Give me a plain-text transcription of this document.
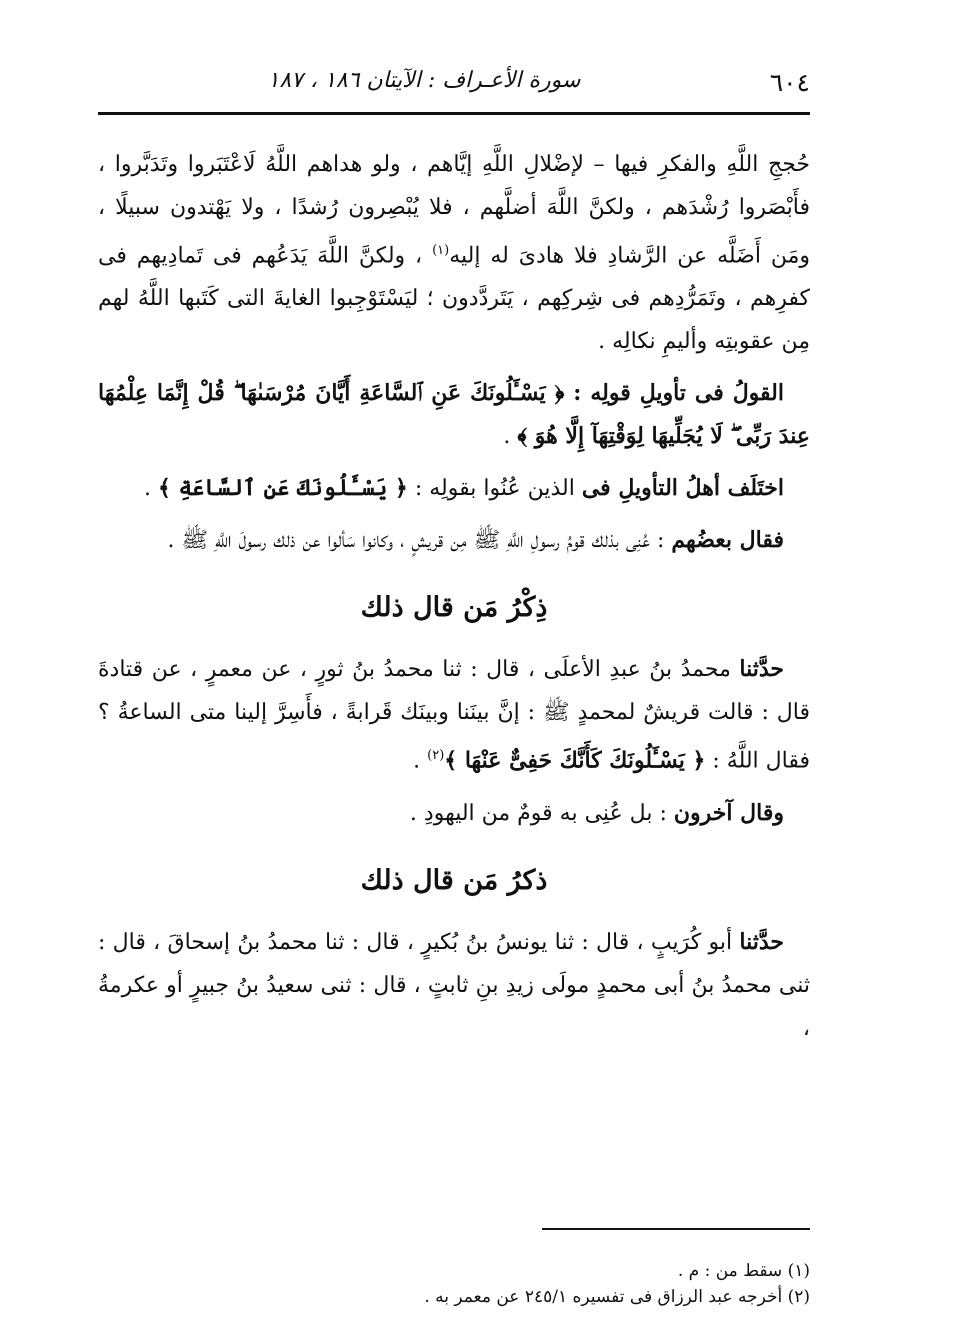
٦٠٤
سورة الأعـراف : الآيتان ١٨٦ ، ١٨٧

حُججِ اللَّهِ والفكرِ فيها – لإضْلالِ اللَّهِ إيَّاهم ، ولو هداهم اللَّهُ لَاعْتَبَروا وتَدَبَّروا ، فأَبْصَروا رُشْدَهم ، ولكنَّ اللَّهَ أضلَّهم ، فلا يُبْصِرون رُشدًا ، ولا يَهْتدون سبيلًا ، ومَن أَضَلَّه عن الرَّشادِ فلا هادىَ له إليه$^{(١)}$ ، ولكنَّ اللَّهَ يَدَعُهم فى تَمادِيهم فى كفرِهم ، وتَمَرُّدِهم فى شِركِهم ، يَتَردَّدون ؛ ليَسْتَوْجِبوا الغايةَ التى كَتَبها اللَّهُ لهم مِن عقوبتِه وأليمِ نكالِه .

القولُ فى تأويلِ قولِه : ﴿ يَسْـَٔلُونَكَ عَنِ ٱلسَّاعَةِ أَيَّانَ مُرْسَىٰهَا ۖ قُلْ إِنَّمَا عِلْمُهَا عِندَ رَبِّى ۖ لَا يُجَلِّيهَا لِوَقْتِهَآ إِلَّا هُوَ ﴾ .

اختَلَف أهلُ التأويلِ فى الذين عُنُوا بقولِه : ﴿ يَسْـَٔلُونَكَ عَنِ ٱلسَّاعَةِ ﴾ .

فقال بعضُهم : عُنِى بذلك قومُ رسولِ اللَّهِ ﷺ مِن قريشٍ ، وكانوا سَألوا عن ذلك رسولَ اللَّهِ ﷺ .

ذِكْرُ مَن قال ذلك

حدَّثنا محمدُ بنُ عبدِ الأعلَى ، قال : ثنا محمدُ بنُ ثورٍ ، عن معمرٍ ، عن قتادةَ قال : قالت قريشٌ لمحمدٍ ﷺ : إنَّ بينَنا وبينَك قَرابةً ، فأَسِرَّ إلينا متى الساعةُ ؟ فقال اللَّهُ : ﴿ يَسْـَٔلُونَكَ كَأَنَّكَ حَفِىٌّ عَنْهَا ﴾$^{(٢)}$ .

وقال آخرون : بل عُنِى به قومٌ من اليهودِ .

ذكرُ مَن قال ذلك

حدَّثنا أبو كُرَيبٍ ، قال : ثنا يونسُ بنُ بُكيرٍ ، قال : ثنا محمدُ بنُ إسحاقَ ، قال : ثنى محمدُ بنُ أبى محمدٍ مولَى زيدِ بنِ ثابتٍ ، قال : ثنى سعيدُ بنُ جبيرٍ أو عكرمةُ ،

(١) سقط من : م .
(٢) أخرجه عبد الرزاق فى تفسيره ٢٤٥/١ عن معمر به .
